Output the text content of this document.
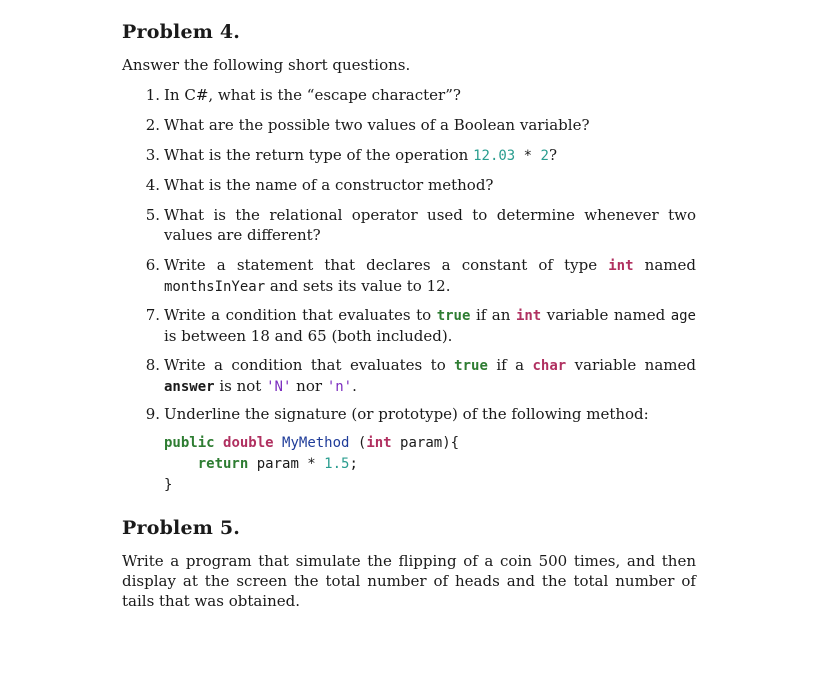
Problem 4.

Answer the following short questions.

1. In C#, what is the “escape character”?
2. What are the possible two values of a Boolean variable?
3. What is the return type of the operation 12.03 * 2?
4. What is the name of a constructor method?
5. What is the relational operator used to determine whenever two values are different?
6. Write a statement that declares a constant of type int named monthsInYear and sets its value to 12.
7. Write a condition that evaluates to true if an int variable named age is between 18 and 65 (both included).
8. Write a condition that evaluates to true if a char variable named answer is not 'N' nor 'n'.
9. Underline the signature (or prototype) of the following method:
public double MyMethod (int param){
return param * 1.5;
}
Problem 5.

Write a program that simulate the flipping of a coin 500 times, and then display at the screen the total number of heads and the total number of tails that was obtained.
